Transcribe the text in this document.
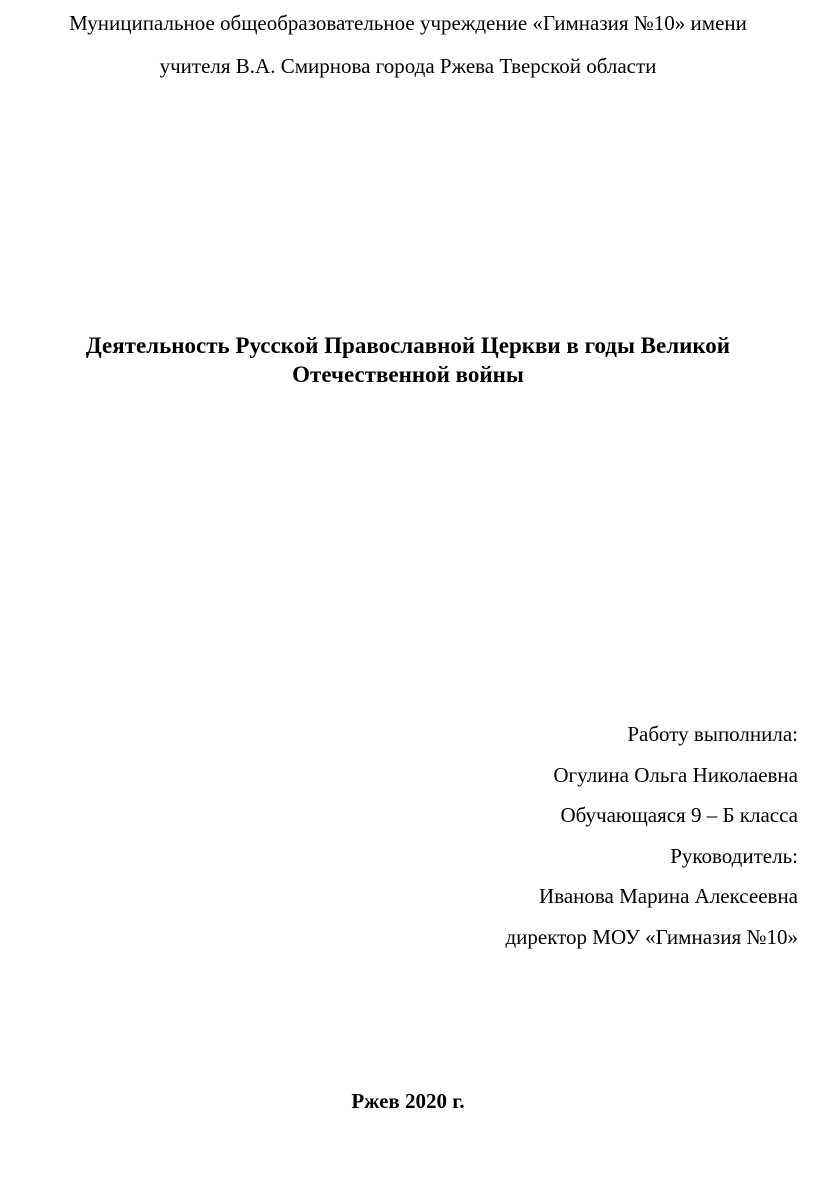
Муниципальное общеобразовательное учреждение «Гимназия №10» имени
учителя В.А. Смирнова города Ржева Тверской области
Деятельность Русской Православной Церкви в годы Великой
Отечественной войны
Работу выполнила:
Огулина Ольга Николаевна
Обучающаяся 9 – Б класса
Руководитель:
Иванова Марина Алексеевна
директор МОУ «Гимназия №10»
Ржев 2020 г.
